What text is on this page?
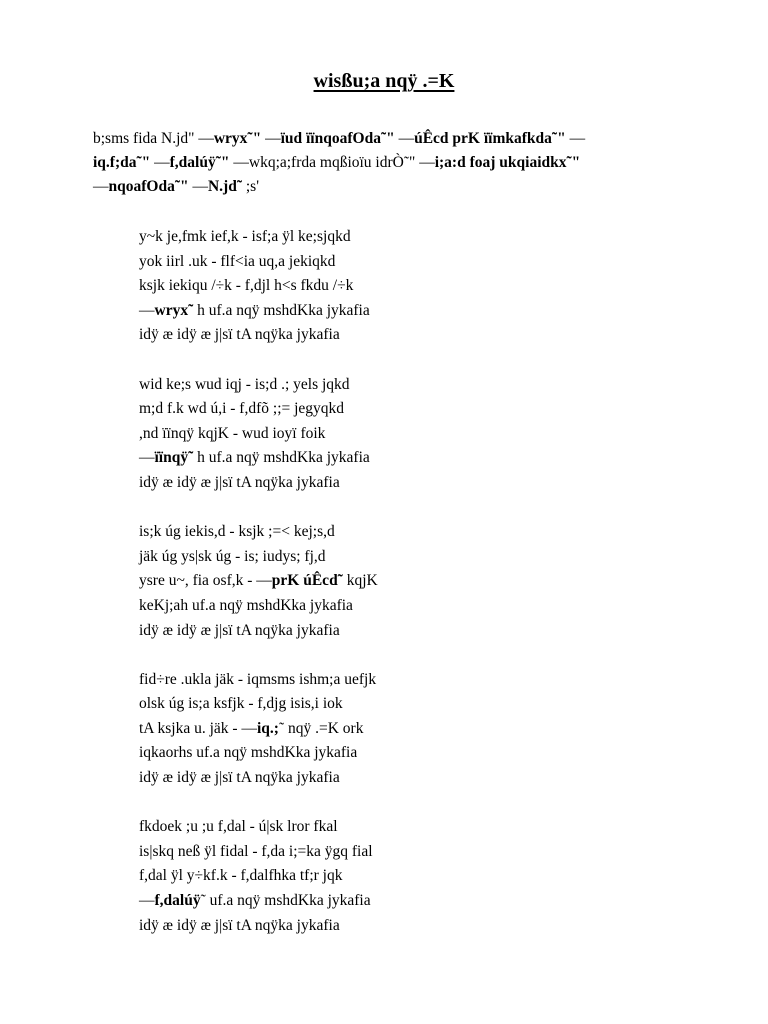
wisßu;a nqÿ .=K
b;sms fida N.jd" —wryx˜" —ïud ïïnqoafOda˜" —úÊcd prK ïïmkafkda˜" —
iq.f;da˜" —f,dalúÿ˜" —wkq;a;frda mqßioïu idrÒ˜" —i;a:d foaj ukqiaidkx˜"
—nqoafOda˜" —N.jd˜ ;s'
y~k je,fmk ief,k - isf;a ÿl ke;sjqkd
yok iirl .uk - flf<ia uq,a jekiqkd
ksjk iekiqu /÷k - f,djl h<s fkdu /÷k
—wryx˜ h uf.a nqÿ mshdKka jykafia
idÿ æ idÿ æ j|sï tA nqÿka jykafia
wid ke;s wud iqj - is;d .; yels jqkd
m;d f.k wd ú,i - f,dfõ ;;= jegyqkd
,nd ïïnqÿ kqjK - wud ioyï foik
—ïïnqÿ˜ h uf.a nqÿ mshdKka jykafia
idÿ æ idÿ æ j|sï tA nqÿka jykafia
is;k úg iekis,d - ksjk ;=< kej;s,d
jäk úg ys|sk úg - is; iudys; fj,d
ysre u~, fia osf,k - —prK úÊcd˜ kqjK
keKj;ah uf.a nqÿ mshdKka jykafia
idÿ æ idÿ æ j|sï tA nqÿka jykafia
fid÷re .ukla jäk - iqmsms ishm;a uefjk
olsk úg is;a ksfjk - f,djg isis,i iok
tA ksjka u. jäk - —iq.;˜ nqÿ .=K ork
iqkaorhs uf.a nqÿ mshdKka jykafia
idÿ æ idÿ æ j|sï tA nqÿka jykafia
fkdoek ;u ;u f,dal - ú|sk lror fkal
is|skq neß ÿl fidal - f,da i;=ka ÿgq fial
f,dal ÿl y÷kf.k - f,dalfhka tf;r jqk
—f,dalúÿ˜ uf.a nqÿ mshdKka jykafia
idÿ æ idÿ æ j|sï tA nqÿka jykafia
